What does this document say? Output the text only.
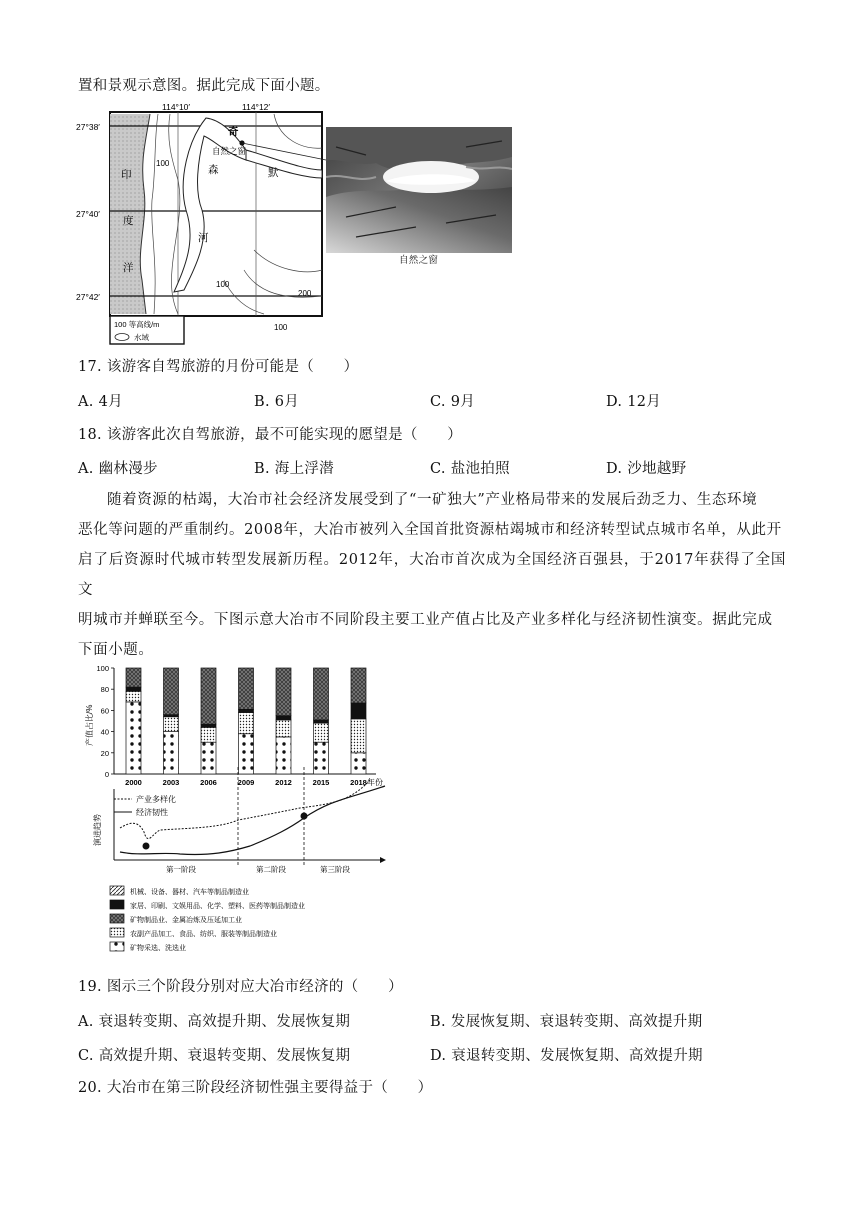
置和景观示意图。据此完成下面小题。
114°10′	114°12′
27°38′
27°40′
27°42′
奇
自然之窗
森	默
河
印
度
洋
100
100
200
100
100 等高线/m
水域
自然之窗
17. 该游客自驾旅游的月份可能是（　　）
A. 4月	B. 6月	C. 9月	D. 12月
18. 该游客此次自驾旅游，最不可能实现的愿望是（　　）
A. 幽林漫步	B. 海上浮潜	C. 盐池拍照	D. 沙地越野
随着资源的枯竭，大冶市社会经济发展受到了“一矿独大”产业格局带来的发展后劲乏力、生态环境
恶化等问题的严重制约。2008年，大冶市被列入全国首批资源枯竭城市和经济转型试点城市名单，从此开
启了后资源时代城市转型发展新历程。2012年，大冶市首次成为全国经济百强县，于2017年获得了全国文
明城市并蝉联至今。下图示意大冶市不同阶段主要工业产值占比及产业多样化与经济韧性演变。据此完成
下面小题。
0
20
40
60
80
100
2000	2003	2006	2009	2012	2015	2018
产值占比/%
年份
演进趋势
产业多样化
经济韧性
第一阶段	第二阶段	第三阶段
机械、设备、器材、汽车等制品制造业
家居、印刷、文娱用品、化学、塑料、医药等制品制造业
矿物制品业、金属冶炼及压延加工业
农副产品加工、食品、纺织、服装等制品制造业
矿物采选、洗选业
19. 图示三个阶段分别对应大冶市经济的（　　）
A. 衰退转变期、高效提升期、发展恢复期	B. 发展恢复期、衰退转变期、高效提升期
C. 高效提升期、衰退转变期、发展恢复期	D. 衰退转变期、发展恢复期、高效提升期
20. 大冶市在第三阶段经济韧性强主要得益于（　　）
